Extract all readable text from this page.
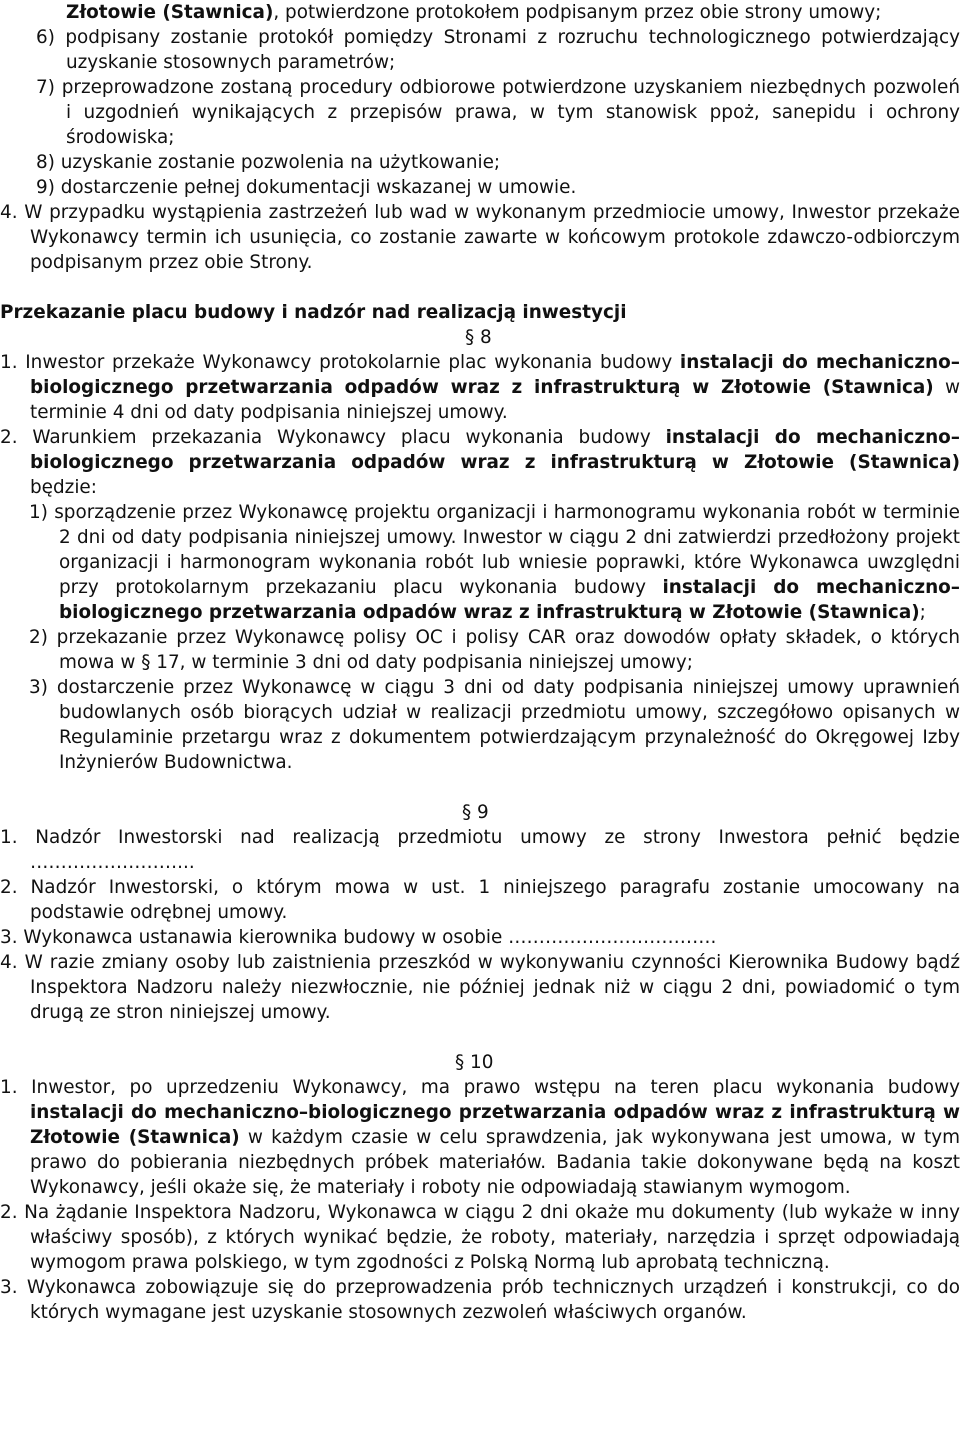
Złotowie (Stawnica), potwierdzone protokołem podpisanym przez obie strony umowy;

6) podpisany zostanie protokół pomiędzy Stronami z rozruchu technologicznego potwierdzający uzyskanie stosownych parametrów;

7) przeprowadzone zostaną procedury odbiorowe potwierdzone uzyskaniem niezbędnych pozwoleń i uzgodnień wynikających z przepisów prawa, w tym stanowisk ppoż, sanepidu i ochrony środowiska;

8) uzyskanie zostanie pozwolenia na użytkowanie;

9) dostarczenie pełnej dokumentacji wskazanej w umowie.

4. W przypadku wystąpienia zastrzeżeń lub wad w wykonanym przedmiocie umowy, Inwestor przekaże Wykonawcy termin ich usunięcia, co zostanie zawarte w końcowym protokole zdawczo-odbiorczym podpisanym przez obie Strony.

Przekazanie placu budowy i nadzór nad realizacją inwestycji

§ 8

1. Inwestor przekaże Wykonawcy protokolarnie plac wykonania budowy instalacji do mechaniczno–biologicznego przetwarzania odpadów wraz z infrastrukturą w Złotowie (Stawnica) w terminie 4 dni od daty podpisania niniejszej umowy.

2. Warunkiem przekazania Wykonawcy placu wykonania budowy instalacji do mechaniczno–biologicznego przetwarzania odpadów wraz z infrastrukturą w Złotowie (Stawnica) będzie:

1) sporządzenie przez Wykonawcę projektu organizacji i harmonogramu wykonania robót w terminie 2 dni od daty podpisania niniejszej umowy. Inwestor w ciągu 2 dni zatwierdzi przedłożony projekt organizacji i harmonogram wykonania robót lub wniesie poprawki, które Wykonawca uwzględni przy protokolarnym przekazaniu placu wykonania budowy instalacji do mechaniczno–biologicznego przetwarzania odpadów wraz z infrastrukturą w Złotowie (Stawnica);

2) przekazanie przez Wykonawcę polisy OC i polisy CAR oraz dowodów opłaty składek, o których mowa w § 17, w terminie 3 dni od daty podpisania niniejszej umowy;

3) dostarczenie przez Wykonawcę w ciągu 3 dni od daty podpisania niniejszej umowy uprawnień budowlanych osób biorących udział w realizacji przedmiotu umowy, szczegółowo opisanych w Regulaminie przetargu wraz z dokumentem potwierdzającym przynależność do Okręgowej Izby Inżynierów Budownictwa.

§ 9

1. Nadzór Inwestorski nad realizacją przedmiotu umowy ze strony Inwestora pełnić będzie ……………………...

2. Nadzór Inwestorski, o którym mowa w ust. 1 niniejszego paragrafu zostanie umocowany na podstawie odrębnej umowy.

3. Wykonawca ustanawia kierownika budowy w osobie …………………………….

4. W razie zmiany osoby lub zaistnienia przeszkód w wykonywaniu czynności Kierownika Budowy bądź Inspektora Nadzoru należy niezwłocznie, nie później jednak niż w ciągu 2 dni, powiadomić o tym drugą ze stron niniejszej umowy.

§ 10

1. Inwestor, po uprzedzeniu Wykonawcy, ma prawo wstępu na teren placu wykonania budowy instalacji do mechaniczno–biologicznego przetwarzania odpadów wraz z infrastrukturą w Złotowie (Stawnica) w każdym czasie w celu sprawdzenia, jak wykonywana jest umowa, w tym prawo do pobierania niezbędnych próbek materiałów. Badania takie dokonywane będą na koszt Wykonawcy, jeśli okaże się, że materiały i roboty nie odpowiadają stawianym wymogom.

2. Na żądanie Inspektora Nadzoru, Wykonawca w ciągu 2 dni okaże mu dokumenty (lub wykaże w inny właściwy sposób), z których wynikać będzie, że roboty, materiały, narzędzia i sprzęt odpowiadają wymogom prawa polskiego, w tym zgodności z Polską Normą lub aprobatą techniczną.

3. Wykonawca zobowiązuje się do przeprowadzenia prób technicznych urządzeń i konstrukcji, co do których wymagane jest uzyskanie stosownych zezwoleń właściwych organów.
